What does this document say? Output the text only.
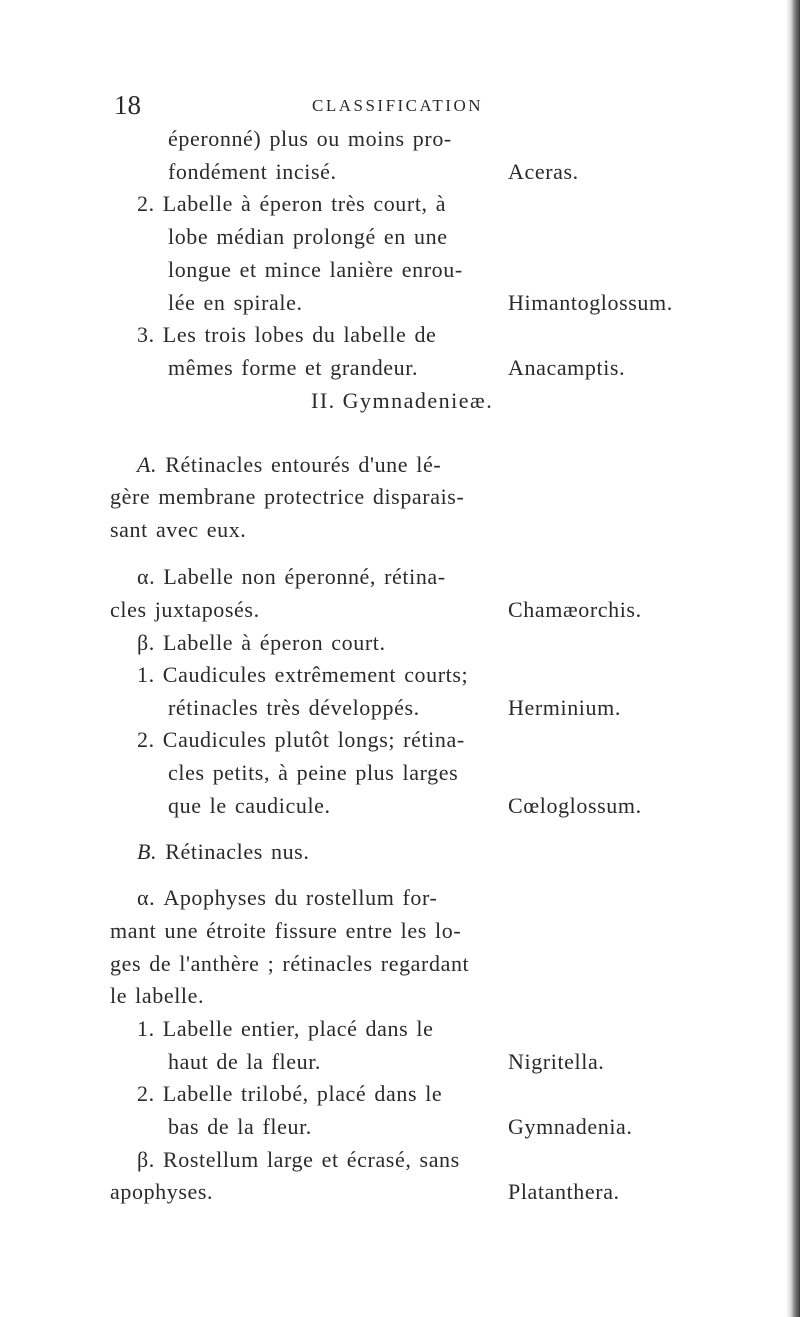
18	CLASSIFICATION
éperonné) plus ou moins pro-
fondément incisé.	Aceras.
2. Labelle à éperon très court, à
lobe médian prolongé en une
longue et mince lanière enrou-
lée en spirale.	Himantoglossum.
3. Les trois lobes du labelle de
mêmes forme et grandeur.	Anacamptis.
II. Gymnadenieæ.
A. Rétinacles entourés d'une lé-
gère membrane protectrice disparais-
sant avec eux.
α. Labelle non éperonné, rétina-
cles juxtaposés.	Chamæorchis.
β. Labelle à éperon court.
1. Caudicules extrêmement courts;
rétinacles très développés.	Herminium.
2. Caudicules plutôt longs; rétina-
cles petits, à peine plus larges
que le caudicule.	Cœloglossum.
B. Rétinacles nus.
α. Apophyses du rostellum for-
mant une étroite fissure entre les lo-
ges de l'anthère ; rétinacles regardant
le labelle.
1. Labelle entier, placé dans le
haut de la fleur.	Nigritella.
2. Labelle trilobé, placé dans le
bas de la fleur.	Gymnadenia.
β. Rostellum large et écrasé, sans
apophyses.	Platanthera.
